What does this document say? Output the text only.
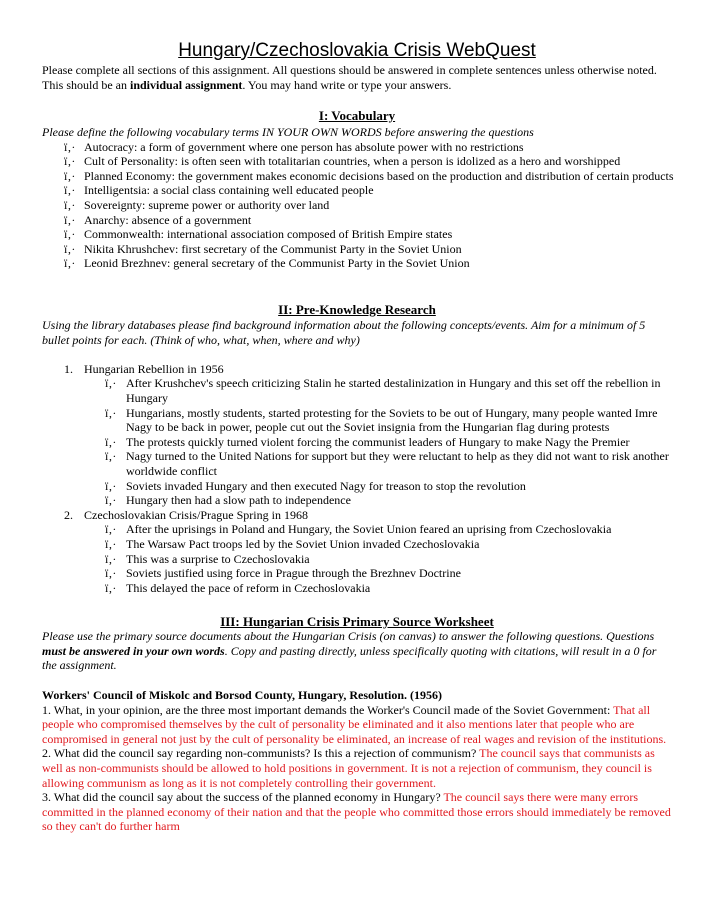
Hungary/Czechoslovakia Crisis WebQuest
Please complete all sections of this assignment. All questions should be answered in complete sentences unless otherwise noted. This should be an individual assignment. You may hand write or type your answers.
I: Vocabulary
Please define the following vocabulary terms IN YOUR OWN WORDS before answering the questions
ï‚· Autocracy: a form of government where one person has absolute power with no restrictions
ï‚· Cult of Personality: is often seen with totalitarian countries, when a person is idolized as a hero and worshipped
ï‚· Planned Economy: the government makes economic decisions based on the production and distribution of certain products
ï‚· Intelligentsia: a social class containing well educated people
ï‚· Sovereignty: supreme power or authority over land
ï‚· Anarchy: absence of a government
ï‚· Commonwealth: international association composed of British Empire states
ï‚· Nikita Khrushchev: first secretary of the Communist Party in the Soviet Union
ï‚· Leonid Brezhnev: general secretary of the Communist Party in the Soviet Union
II: Pre-Knowledge Research
Using the library databases please find background information about the following concepts/events. Aim for a minimum of 5 bullet points for each. (Think of who, what, when, where and why)
1. Hungarian Rebellion in 1956
ï‚· After Krushchev's speech criticizing Stalin he started destalinization in Hungary and this set off the rebellion in Hungary
ï‚· Hungarians, mostly students, started protesting for the Soviets to be out of Hungary, many people wanted Imre Nagy to be back in power, people cut out the Soviet insignia from the Hungarian flag during protests
ï‚· The protests quickly turned violent forcing the communist leaders of Hungary to make Nagy the Premier
ï‚· Nagy turned to the United Nations for support but they were reluctant to help as they did not want to risk another worldwide conflict
ï‚· Soviets invaded Hungary and then executed Nagy for treason to stop the revolution
ï‚· Hungary then had a slow path to independence
2. Czechoslovakian Crisis/Prague Spring in 1968
ï‚· After the uprisings in Poland and Hungary, the Soviet Union feared an uprising from Czechoslovakia
ï‚· The Warsaw Pact troops led by the Soviet Union invaded Czechoslovakia
ï‚· This was a surprise to Czechoslovakia
ï‚· Soviets justified using force in Prague through the Brezhnev Doctrine
ï‚· This delayed the pace of reform in Czechoslovakia
III: Hungarian Crisis Primary Source Worksheet
Please use the primary source documents about the Hungarian Crisis (on canvas) to answer the following questions. Questions must be answered in your own words. Copy and pasting directly, unless specifically quoting with citations, will result in a 0 for the assignment.
Workers' Council of Miskolc and Borsod County, Hungary, Resolution. (1956)
1. What, in your opinion, are the three most important demands the Worker's Council made of the Soviet Government: That all people who compromised themselves by the cult of personality be eliminated and it also mentions later that people who are compromised in general not just by the cult of personality be eliminated, an increase of real wages and revision of the institutions.
2. What did the council say regarding non-communists? Is this a rejection of communism? The council says that communists as well as non-communists should be allowed to hold positions in government. It is not a rejection of communism, they council is allowing communism as long as it is not completely controlling their government.
3. What did the council say about the success of the planned economy in Hungary? The council says there were many errors committed in the planned economy of their nation and that the people who committed those errors should immediately be removed so they can't do further harm
